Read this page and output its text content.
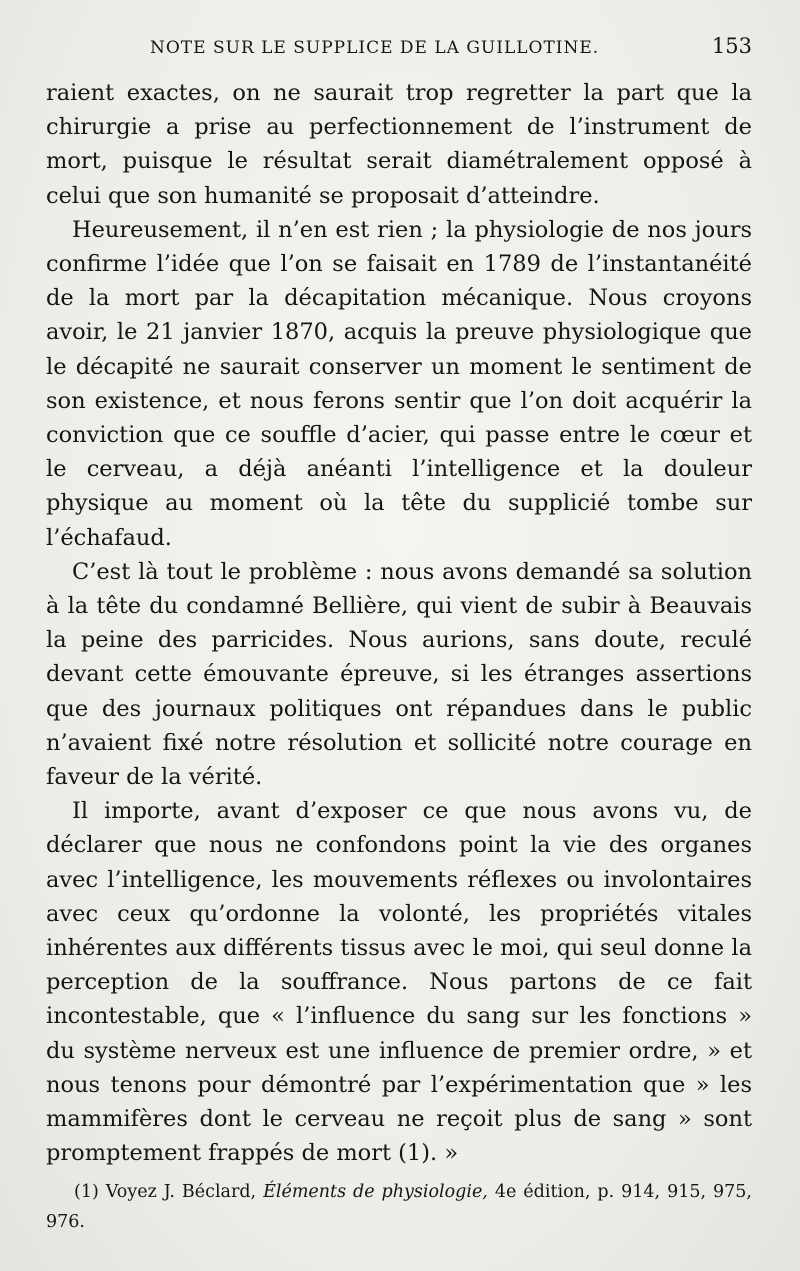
NOTE SUR LE SUPPLICE DE LA GUILLOTINE.	153

raient exactes, on ne saurait trop regretter la part que la chirurgie a prise au perfectionnement de l’instrument de mort, puisque le résultat serait diamétralement opposé à celui que son humanité se proposait d’atteindre.

Heureusement, il n’en est rien ; la physiologie de nos jours confirme l’idée que l’on se faisait en 1789 de l’instantanéité de la mort par la décapitation mécanique. Nous croyons avoir, le 21 janvier 1870, acquis la preuve physiologique que le décapité ne saurait conserver un moment le sentiment de son existence, et nous ferons sentir que l’on doit acquérir la conviction que ce souffle d’acier, qui passe entre le cœur et le cerveau, a déjà anéanti l’intelligence et la douleur physique au moment où la tête du supplicié tombe sur l’échafaud.

C’est là tout le problème : nous avons demandé sa solution à la tête du condamné Bellière, qui vient de subir à Beauvais la peine des parricides. Nous aurions, sans doute, reculé devant cette émouvante épreuve, si les étranges assertions que des journaux politiques ont répandues dans le public n’avaient fixé notre résolution et sollicité notre courage en faveur de la vérité.

Il importe, avant d’exposer ce que nous avons vu, de déclarer que nous ne confondons point la vie des organes avec l’intelligence, les mouvements réflexes ou involontaires avec ceux qu’ordonne la volonté, les propriétés vitales inhérentes aux différents tissus avec le moi, qui seul donne la perception de la souffrance. Nous partons de ce fait incontestable, que « l’influence du sang sur les fonctions » du système nerveux est une influence de premier ordre, » et nous tenons pour démontré par l’expérimentation que » les mammifères dont le cerveau ne reçoit plus de sang » sont promptement frappés de mort (1). »

(1) Voyez J. Béclard, Éléments de physiologie, 4e édition, p. 914, 915, 975, 976.
